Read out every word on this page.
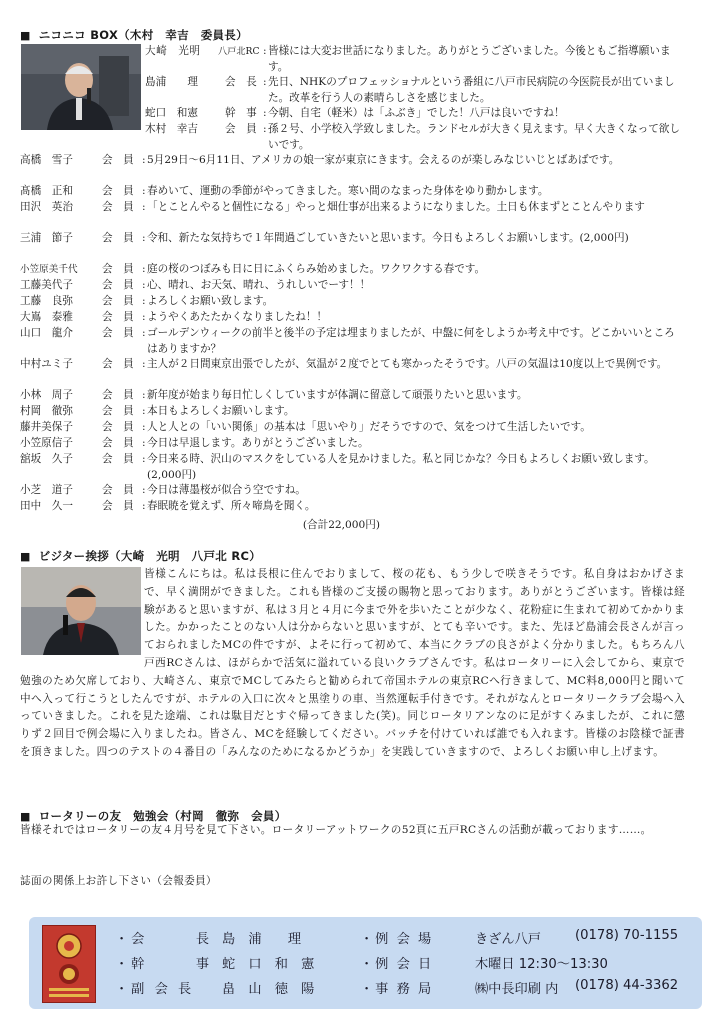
■ ニコニコ BOX（木村　幸吉　委員長）
大崎　光明 八戸北RC : 皆様には大変お世話になりました。ありがとうございました。今後ともご指導願います。
島浦　　理	会　長 : 先日、NHKのプロフェッショナルという番組に八戸市民病院の今医院長が出ていました。改革を行う人の素晴らしさを感じました。
蛇口　和憲	幹　事 : 今朝、自宅（軽米）は「ふぶき」でした！八戸は良いですね！
木村　幸吉	会　員 : 孫２号、小学校入学致しました。ランドセルが大きく見えます。早く大きくなって欲しいです。
高橋　雪子	会　員 : 5月29日～6月11日、アメリカの娘一家が東京にきます。会えるのが楽しみなじいじとばあばです。
髙橋　正和	会　員 : 春めいて、運動の季節がやってきました。寒い間のなまった身体をゆり動かします。
田沢　英治	会　員 : 「とことんやると個性になる」やっと畑仕事が出来るようになりました。土日も休まずとことんやります
三浦　節子	会　員 : 令和、新たな気持ちで１年間過ごしていきたいと思います。今日もよろしくお願いします。(2,000円)
小笠原美千代 会　員 : 庭の桜のつぼみも日に日にふくらみ始めました。ワクワクする春です。
工藤美代子	会　員 : 心、晴れ、お天気、晴れ、うれしいでーす！！
工藤　良弥	会　員 : よろしくお願い致します。
大嶌　泰雅	会　員 : ようやくあたたかくなりましたね！！
山口　龍介	会　員 : ゴールデンウィークの前半と後半の予定は埋まりましたが、中盤に何をしようか考え中です。どこかいいところはありますか？
中村ユミ子	会　員 : 主人が２日間東京出張でしたが、気温が２度でとても寒かったそうです。八戸の気温は10度以上で異例です。
小林　周子	会　員 : 新年度が始まり毎日忙しくしていますが体調に留意して頑張りたいと思います。
村岡　徹弥	会　員 : 本日もよろしくお願いします。
藤井美保子	会　員 : 人と人との「いい関係」の基本は「思いやり」だそうですので、気をつけて生活したいです。
小笠原信子	会　員 : 今日は早退します。ありがとうございました。
舘坂　久子	会　員 : 今日来る時、沢山のマスクをしている人を見かけました。私と同じかな？今日もよろしくお願い致します。(2,000円)
小芝　道子	会　員 : 今日は薄墨桜が似合う空ですね。
田中　久一	会　員 : 春眠暁を覚えず、所々啼鳥を聞く。
(合計22,000円)
■ ビジター挨拶（大崎　光明　八戸北 RC）
皆様こんにちは。私は長根に住んでおりまして、桜の花も、もう少しで咲きそうです。私自身はおかげさまで、早く満開ができました。これも皆様のご支援の賜物と思っております。ありがとうございます。皆様は経験があると思いますが、私は３月と４月に今まで外を歩いたことが少なく、花粉症に生まれて初めてかかりました。かかったことのない人は分からないと思いますが、とても辛いです。また、先ほど島浦会長さんが言っておられましたMCの件ですが、よそに行って初めて、本当にクラブの良さがよく分かりました。もちろん八戸西RCさんは、ほがらかで活気に溢れている良いクラブさんです。私はロータリーに入会してから、東京で勉強のため欠席しており、大崎さん、東京でMCしてみたらと勧められて帝国ホテルの東京RCへ行きまして、MC料8,000円と聞いて中へ入って行こうとしたんですが、ホテルの入口に次々と黒塗りの車、当然運転手付きです。それがなんとロータリークラブ会場へ入っていきました。これを見た途端、これは駄目だとすぐ帰ってきました(笑)。同じロータリアンなのに足がすくみましたが、これに懲りず２回目で例会場に入りましたね。皆さん、MCを経験してください。バッチを付けていれば誰でも入れます。皆様のお陰様で証書を頂きました。四つのテストの４番目の「みんなのためになるかどうか」を実践していきますので、よろしくお願い申し上げます。
■ ロータリーの友　勉強会（村岡　徹弥　会員）
皆様それではロータリーの友４月号を見て下さい。ロータリーアットワークの52頁に五戸RCさんの活動が載っております……。
誌面の関係上お許し下さい（会報委員）
・会　　　長 島　浦　　理
・幹　　　事 蛇　口　和　憲
・副 会 長 畠　山　徳　陽
・例 会 場	きざん八戸	(0178) 70-1155
・例 会 日	木曜日 12:30～13:30
・事 務 局	㈱中長印刷 内 (0178) 44-3362
